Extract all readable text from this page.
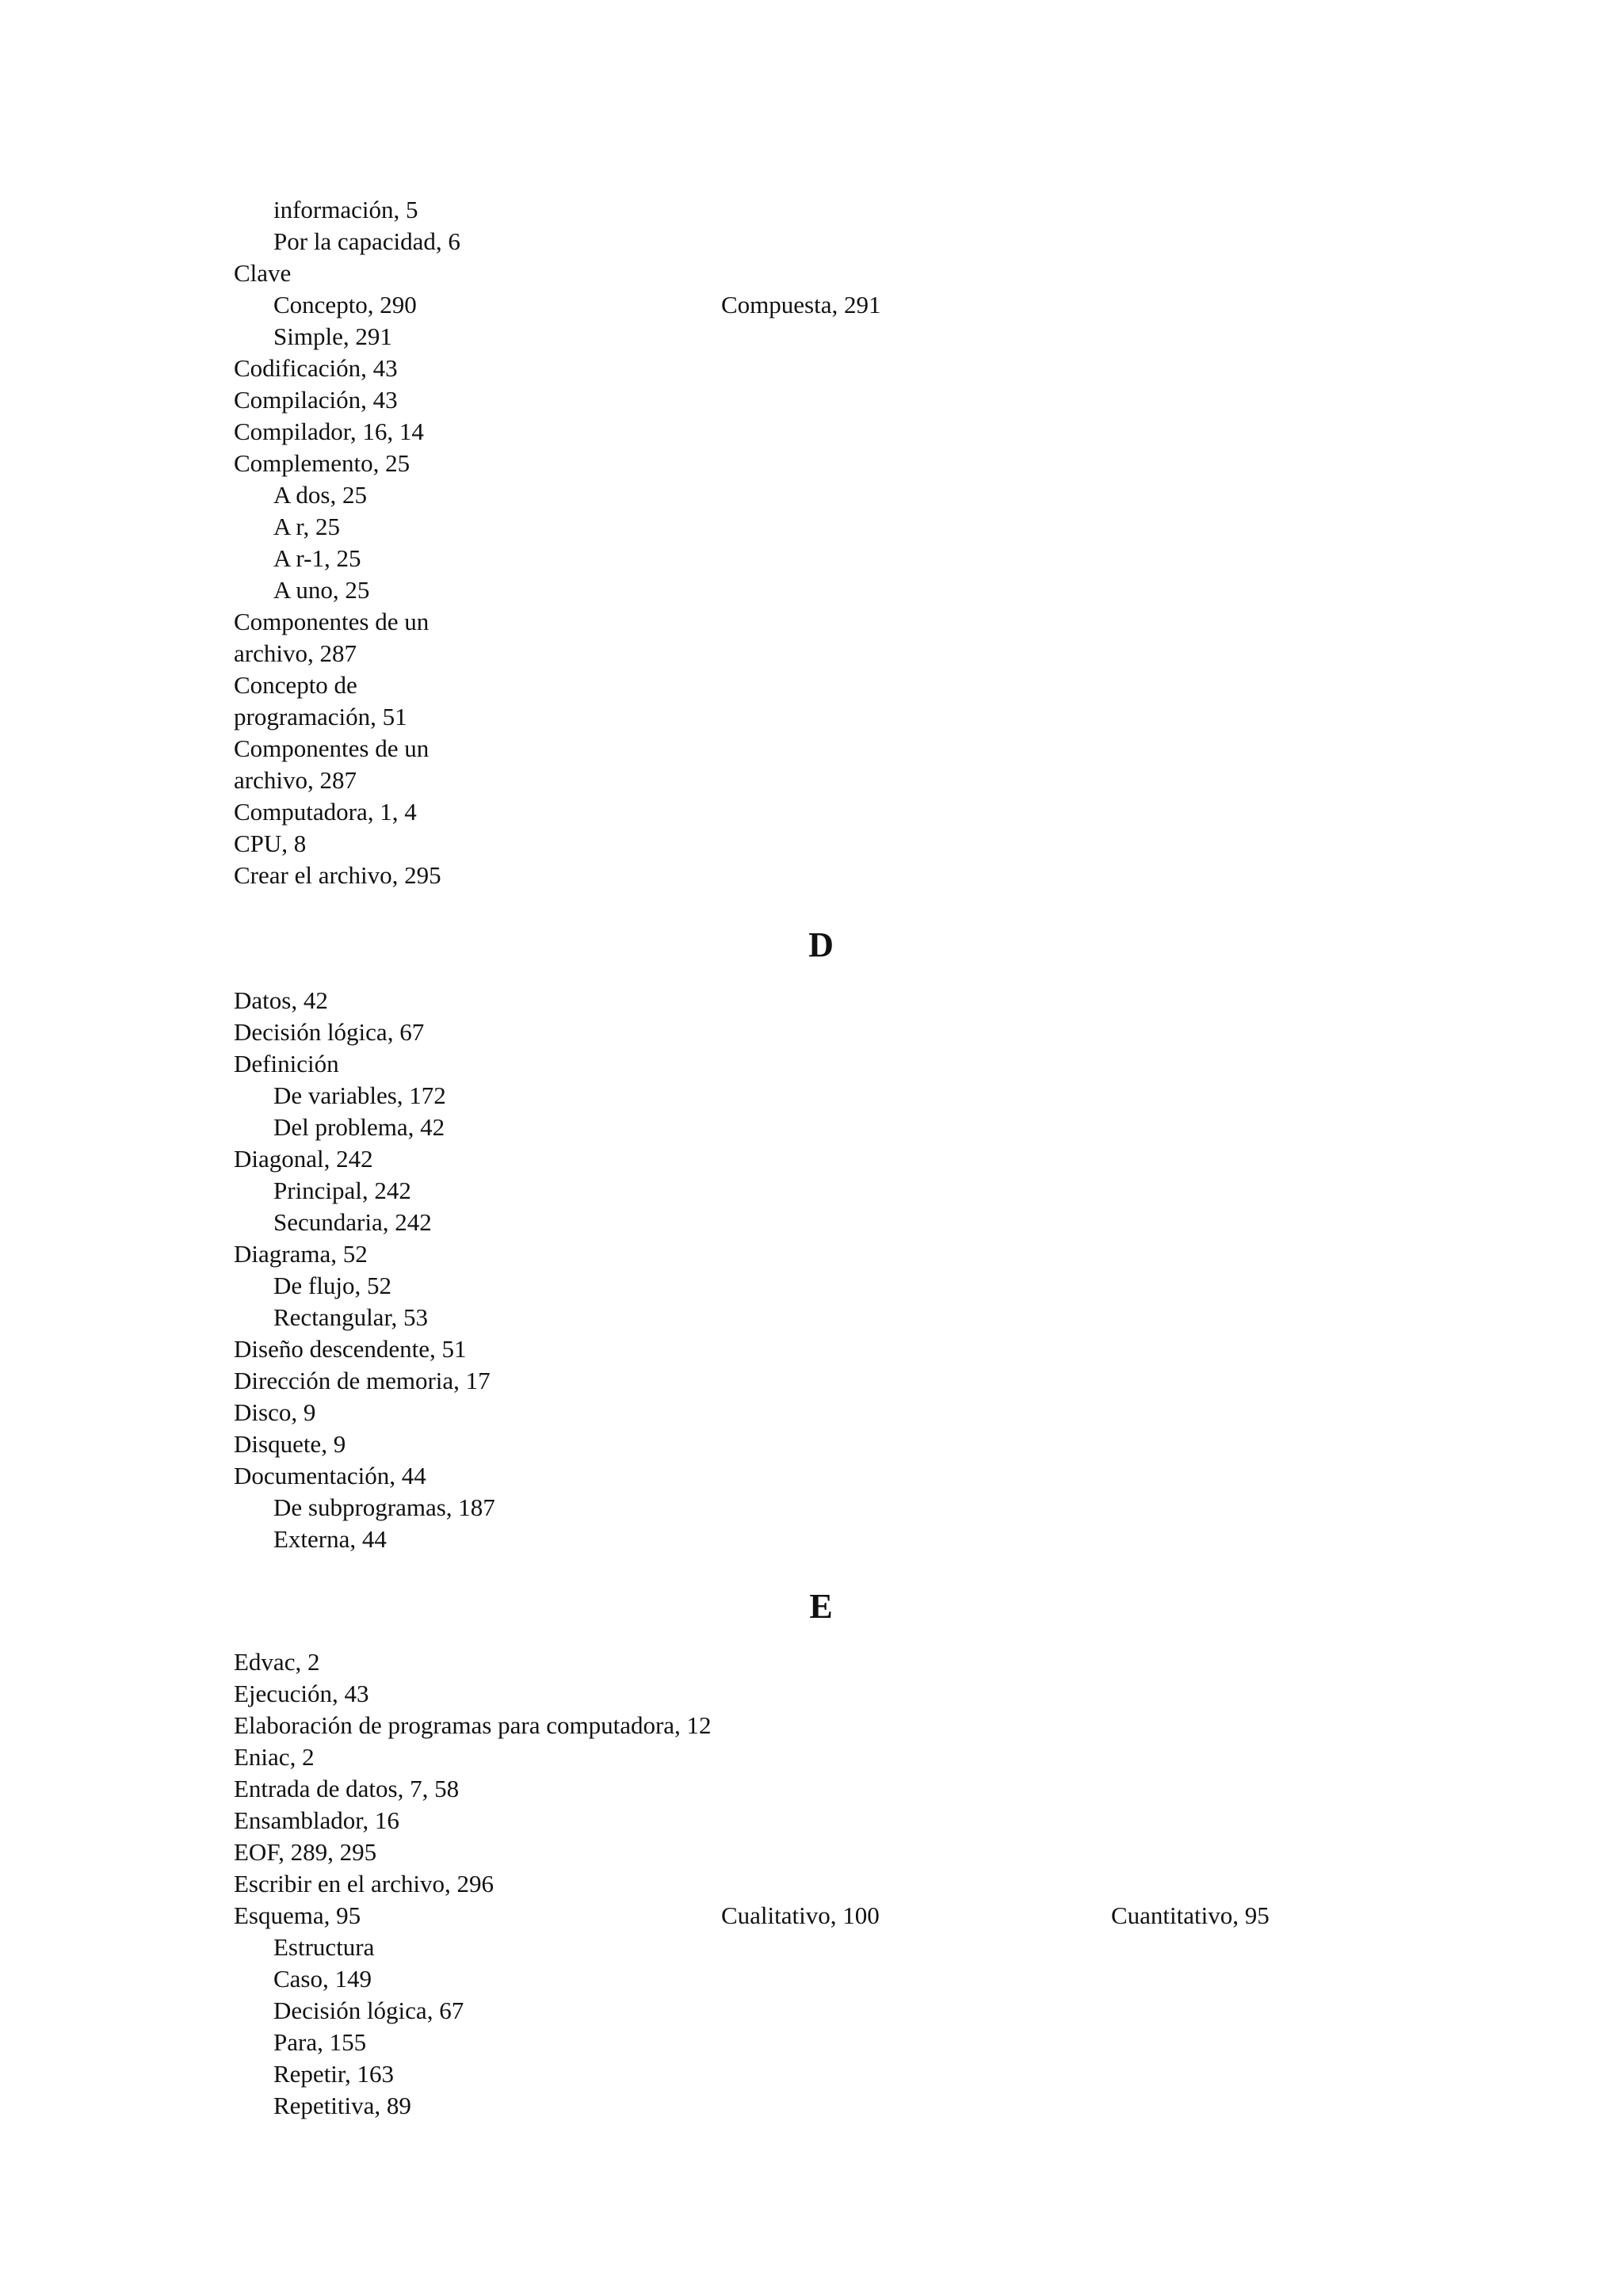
información, 5
Por la capacidad, 6
Clave
Concepto, 290	Compuesta, 291
Simple, 291
Codificación, 43
Compilación, 43
Compilador, 16, 14
Complemento, 25
A dos, 25
A r, 25
A r-1, 25
A uno, 25
Componentes de un
archivo, 287
Concepto de
programación, 51
Componentes de un
archivo, 287
Computadora, 1, 4
CPU, 8
Crear el archivo, 295
D
Datos, 42
Decisión lógica, 67
Definición
De variables, 172
Del problema, 42
Diagonal, 242
Principal, 242
Secundaria, 242
Diagrama, 52
De flujo, 52
Rectangular, 53
Diseño descendente, 51
Dirección de memoria, 17
Disco, 9
Disquete, 9
Documentación, 44
De subprogramas, 187
Externa, 44
E
Edvac, 2
Ejecución, 43
Elaboración de programas para computadora, 12
Eniac, 2
Entrada de datos, 7, 58
Ensamblador, 16
EOF, 289, 295
Escribir en el archivo, 296
Esquema, 95	Cualitativo, 100	Cuantitativo, 95
Estructura
Caso, 149
Decisión lógica, 67
Para, 155
Repetir, 163
Repetitiva, 89
